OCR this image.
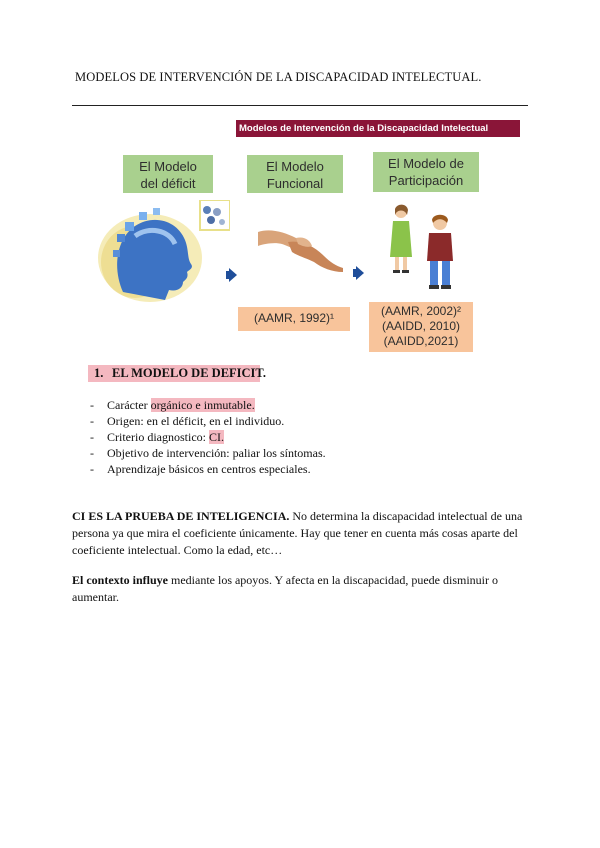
MODELOS DE INTERVENCIÓN DE LA DISCAPACIDAD INTELECTUAL.
Modelos de Intervención de la Discapacidad Intelectual
El Modelo
del déficit
El Modelo
Funcional
El Modelo de
Participación
(AAMR, 1992)¹	(AAMR, 2002)²
(AAIDD, 2010)
(AAIDD,2021)
1. EL MODELO DE DEFICIT.
- Carácter orgánico e inmutable.
- Origen: en el déficit, en el individuo.
- Criterio diagnostico: CI.
- Objetivo de intervención: paliar los síntomas.
- Aprendizaje básicos en centros especiales.
CI ES LA PRUEBA DE INTELIGENCIA. No determina la discapacidad intelectual de una persona ya que mira el coeficiente únicamente. Hay que tener en cuenta más cosas aparte del coeficiente intelectual. Como la edad, etc…
El contexto influye mediante los apoyos. Y afecta en la discapacidad, puede disminuir o aumentar.
